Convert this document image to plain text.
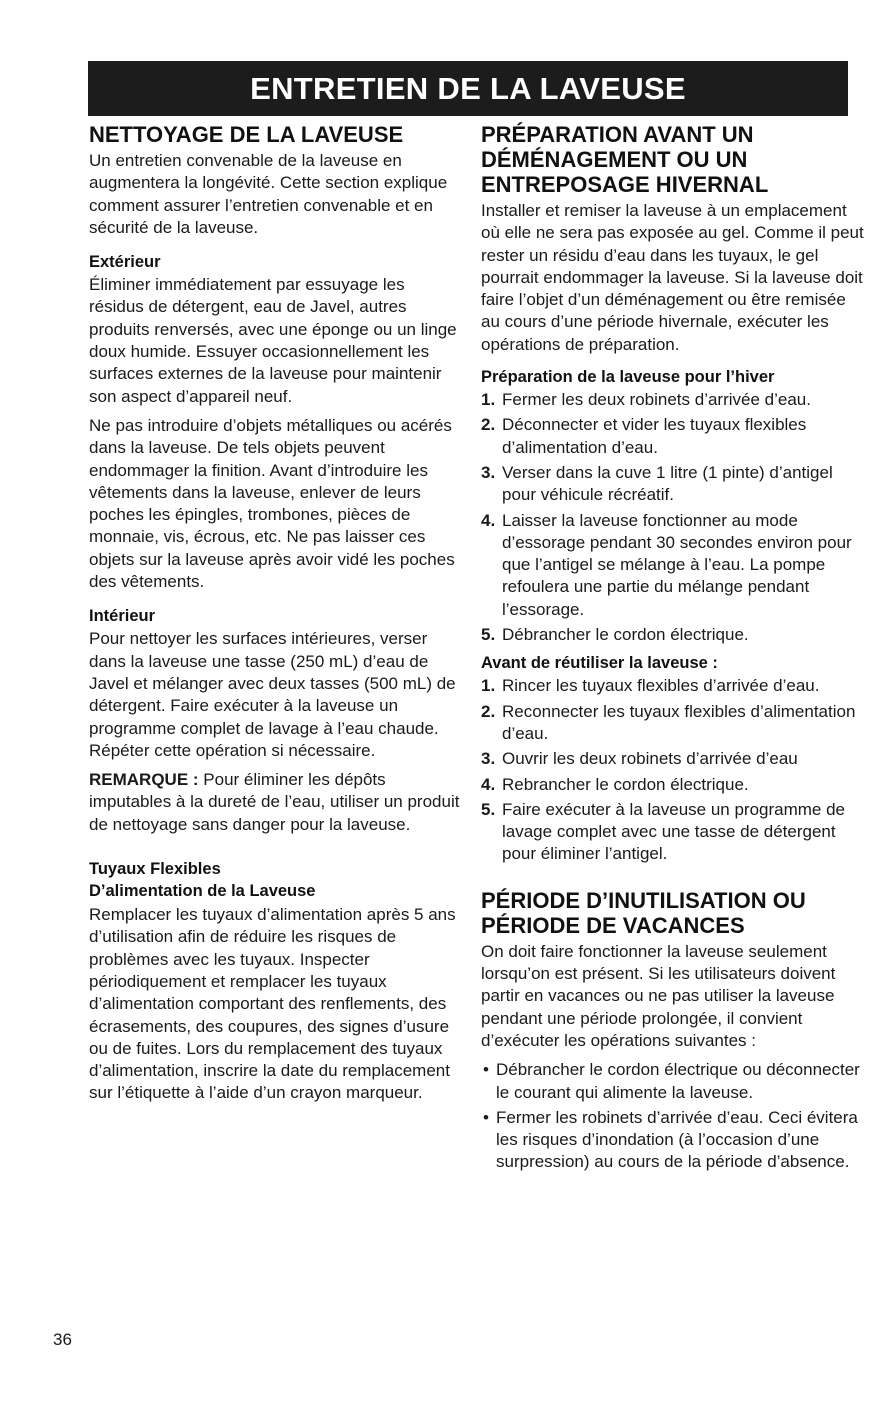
ENTRETIEN DE LA LAVEUSE
NETTOYAGE DE LA LAVEUSE

Un entretien convenable de la laveuse en augmentera la longévité. Cette section explique comment assurer l’entretien convenable et en sécurité de la laveuse.

Extérieur

Éliminer immédiatement par essuyage les résidus de détergent, eau de Javel, autres produits renversés, avec une éponge ou un linge doux humide. Essuyer occasionnellement les surfaces externes de la laveuse pour maintenir son aspect d’appareil neuf.

Ne pas introduire d’objets métalliques ou acérés dans la laveuse. De tels objets peuvent endommager la finition. Avant d’introduire les vêtements dans la laveuse, enlever de leurs poches les épingles, trombones, pièces de monnaie, vis, écrous, etc. Ne pas laisser ces objets sur la laveuse après avoir vidé les poches des vêtements.

Intérieur

Pour nettoyer les surfaces intérieures, verser dans la laveuse une tasse (250 mL) d’eau de Javel et mélanger avec deux tasses (500 mL) de détergent. Faire exécuter à la laveuse un programme complet de lavage à l’eau chaude. Répéter cette opération si nécessaire.

REMARQUE : Pour éliminer les dépôts imputables à la dureté de l’eau, utiliser un produit de nettoyage sans danger pour la laveuse.

Tuyaux Flexibles
D’alimentation de la Laveuse

Remplacer les tuyaux d’alimentation après 5 ans d’utilisation afin de réduire les risques de problèmes avec les tuyaux. Inspecter périodiquement et remplacer les tuyaux d’alimentation comportant des renflements, des écrasements, des coupures, des signes d’usure ou de fuites. Lors du remplacement des tuyaux d’alimentation, inscrire la date du remplacement sur l’étiquette à l’aide d’un crayon marqueur.

PRÉPARATION AVANT UN DÉMÉNAGEMENT OU UN ENTREPOSAGE HIVERNAL

Installer et remiser la laveuse à un emplacement où elle ne sera pas exposée au gel. Comme il peut rester un résidu d’eau dans les tuyaux, le gel pourrait endommager la laveuse. Si la laveuse doit faire l’objet d’un déménagement ou être remisée au cours d’une période hivernale, exécuter les opérations de préparation.

Préparation de la laveuse pour l’hiver
1. Fermer les deux robinets d’arrivée d’eau.
2. Déconnecter et vider les tuyaux flexibles d’alimentation d’eau.
3. Verser dans la cuve 1 litre (1 pinte) d’antigel pour véhicule récréatif.
4. Laisser la laveuse fonctionner au mode d’essorage pendant 30 secondes environ pour que l’antigel se mélange à l’eau. La pompe refoulera une partie du mélange pendant l’essorage.
5. Débrancher le cordon électrique.
Avant de réutiliser la laveuse :
1. Rincer les tuyaux flexibles d’arrivée d’eau.
2. Reconnecter les tuyaux flexibles d’alimentation d’eau.
3. Ouvrir les deux robinets d’arrivée d’eau
4. Rebrancher le cordon électrique.
5. Faire exécuter à la laveuse un programme de lavage complet avec une tasse de détergent pour éliminer l’antigel.
PÉRIODE D’INUTILISATION OU PÉRIODE DE VACANCES

On doit faire fonctionner la laveuse seulement lorsqu’on est présent. Si les utilisateurs doivent partir en vacances ou ne pas utiliser la laveuse pendant une période prolongée, il convient d’exécuter les opérations suivantes :

• Débrancher le cordon électrique ou déconnecter le courant qui alimente la laveuse.
• Fermer les robinets d’arrivée d’eau. Ceci évitera les risques d’inondation (à l’occasion d’une surpression) au cours de la période d’absence.
36
